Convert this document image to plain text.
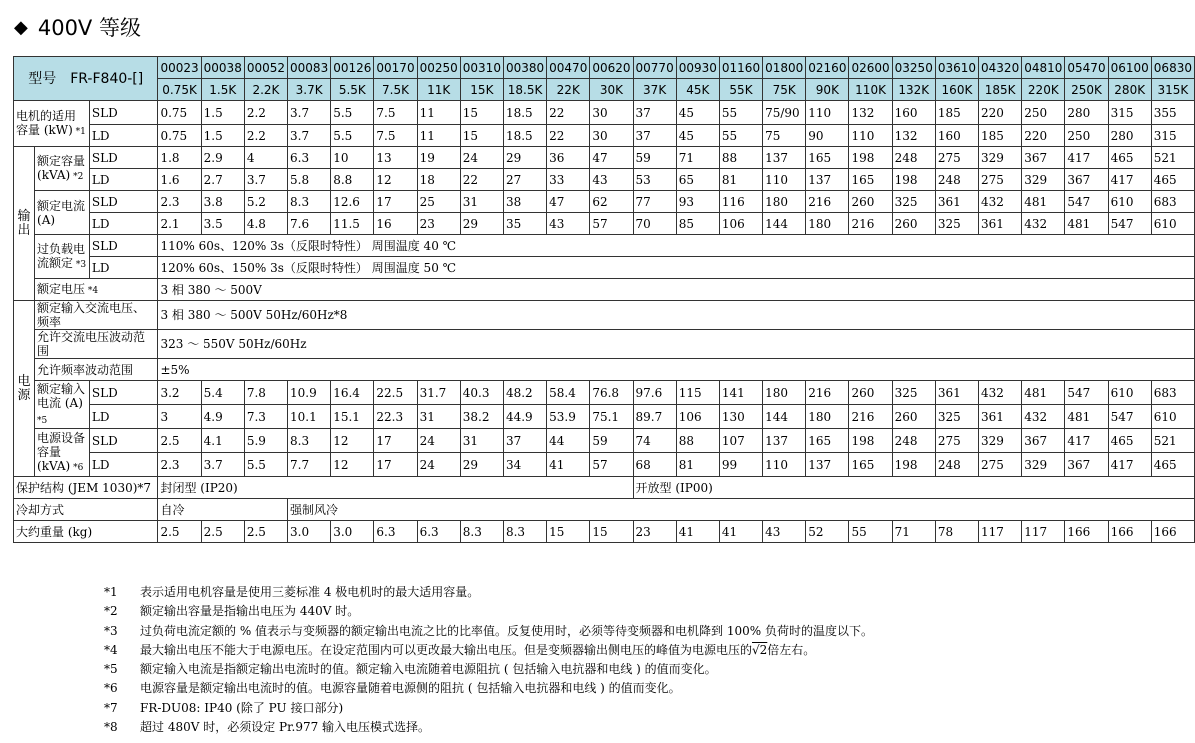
◆ 400V 等级
型号　FR-F840-[]			00023	00038	00052	00083	00126	00170	00250	00310	00380	00470	00620	00770	00930	01160	01800	02160	02600	03250	03610	04320	04810	05470	06100	06830
			0.75K	1.5K	2.2K	3.7K	5.5K	7.5K	11K	15K	18.5K	22K	30K	37K	45K	55K	75K	90K	110K	132K	160K	185K	220K	250K	280K	315K
电机的适用容量 (kW) *1		SLD	0.75	1.5	2.2	3.7	5.5	7.5	11	15	18.5	22	30	37	45	55	75/90	110	132	160	185	220	250	280	315	355
		LD	0.75	1.5	2.2	3.7	5.5	7.5	11	15	18.5	22	30	37	45	55	75	90	110	132	160	185	220	250	280	315
输
出	额定容量 (kVA) *2	SLD	1.8	2.9	4	6.3	10	13	19	24	29	36	47	59	71	88	137	165	198	248	275	329	367	417	465	521
		LD	1.6	2.7	3.7	5.8	8.8	12	18	22	27	33	43	53	65	81	110	137	165	198	248	275	329	367	417	465
	额定电流 (A)	SLD	2.3	3.8	5.2	8.3	12.6	17	25	31	38	47	62	77	93	116	180	216	260	325	361	432	481	547	610	683
		LD	2.1	3.5	4.8	7.6	11.5	16	23	29	35	43	57	70	85	106	144	180	216	260	325	361	432	481	547	610
	过负载电流额定 *3	SLD	110% 60s、120% 3s（反限时特性） 周围温度 40 ℃																							
		LD	120% 60s、150% 3s（反限时特性） 周围温度 50 ℃																							
	额定电压 *4		3 相 380 ～ 500V																							
电
源	额定输入交流电压、频率		3 相 380 ～ 500V 50Hz/60Hz*8																							
	允许交流电压波动范围		323 ～ 550V 50Hz/60Hz																							
	允许频率波动范围		±5%																							
	额定输入电流 (A) *5	SLD	3.2	5.4	7.8	10.9	16.4	22.5	31.7	40.3	48.2	58.4	76.8	97.6	115	141	180	216	260	325	361	432	481	547	610	683
		LD	3	4.9	7.3	10.1	15.1	22.3	31	38.2	44.9	53.9	75.1	89.7	106	130	144	180	216	260	325	361	432	481	547	610
	电源设备容量 (kVA) *6	SLD	2.5	4.1	5.9	8.3	12	17	24	31	37	44	59	74	88	107	137	165	198	248	275	329	367	417	465	521
		LD	2.3	3.7	5.5	7.7	12	17	24	29	34	41	57	68	81	99	110	137	165	198	248	275	329	367	417	465
保护结构 (JEM 1030)*7			封闭型 (IP20)											开放型 (IP00)												
冷却方式			自冷			强制风冷																				
大约重量 (kg)			2.5	2.5	2.5	3.0	3.0	6.3	6.3	8.3	8.3	15	15	23	41	41	43	52	55	71	78	117	117	166	166	166
*1	表示适用电机容量是使用三菱标准 4 极电机时的最大适用容量。
*2	额定输出容量是指输出电压为 440V 时。
*3	过负荷电流定额的 % 值表示与变频器的额定输出电流之比的比率值。反复使用时，必须等待变频器和电机降到 100% 负荷时的温度以下。
*4	最大输出电压不能大于电源电压。在设定范围内可以更改最大输出电压。但是变频器输出侧电压的峰值为电源电压的√2倍左右。
*5	额定输入电流是指额定输出电流时的值。额定输入电流随着电源阻抗 ( 包括输入电抗器和电线 ) 的值而变化。
*6	电源容量是额定输出电流时的值。电源容量随着电源侧的阻抗 ( 包括输入电抗器和电线 ) 的值而变化。
*7	FR-DU08: IP40 (除了 PU 接口部分)
*8	超过 480V 时，必须设定 Pr.977 输入电压模式选择。
